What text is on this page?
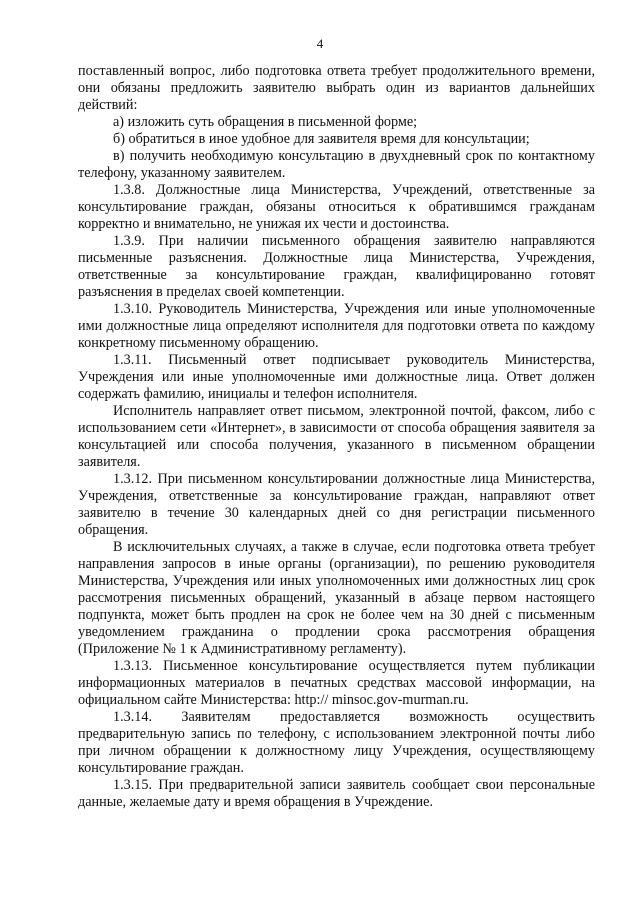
4

поставленный вопрос, либо подготовка ответа требует продолжительного времени, они обязаны предложить заявителю выбрать один из вариантов дальнейших действий:

а) изложить суть обращения в письменной форме;

б) обратиться в иное удобное для заявителя время для консультации;

в) получить необходимую консультацию в двухдневный срок по контактному телефону, указанному заявителем.

1.3.8. Должностные лица Министерства, Учреждений, ответственные за консультирование граждан, обязаны относиться к обратившимся гражданам корректно и внимательно, не унижая их чести и достоинства.

1.3.9. При наличии письменного обращения заявителю направляются письменные разъяснения. Должностные лица Министерства, Учреждения, ответственные за консультирование граждан, квалифицированно готовят разъяснения в пределах своей компетенции.

1.3.10. Руководитель Министерства, Учреждения или иные уполномоченные ими должностные лица определяют исполнителя для подготовки ответа по каждому конкретному письменному обращению.

1.3.11. Письменный ответ подписывает руководитель Министерства, Учреждения или иные уполномоченные ими должностные лица. Ответ должен содержать фамилию, инициалы и телефон исполнителя.

Исполнитель направляет ответ письмом, электронной почтой, факсом, либо с использованием сети «Интернет», в зависимости от способа обращения заявителя за консультацией или способа получения, указанного в письменном обращении заявителя.

1.3.12. При письменном консультировании должностные лица Министерства, Учреждения, ответственные за консультирование граждан, направляют ответ заявителю в течение 30 календарных дней со дня регистрации письменного обращения.

В исключительных случаях, а также в случае, если подготовка ответа требует направления запросов в иные органы (организации), по решению руководителя Министерства, Учреждения или иных уполномоченных ими должностных лиц срок рассмотрения письменных обращений, указанный в абзаце первом настоящего подпункта, может быть продлен на срок не более чем на 30 дней с письменным уведомлением гражданина о продлении срока рассмотрения обращения (Приложение № 1 к Административному регламенту).

1.3.13. Письменное консультирование осуществляется путем публикации информационных материалов в печатных средствах массовой информации, на официальном сайте Министерства: http:// minsoc.gov-murman.ru.

1.3.14. Заявителям предоставляется возможность осуществить предварительную запись по телефону, с использованием электронной почты либо при личном обращении к должностному лицу Учреждения, осуществляющему консультирование граждан.

1.3.15. При предварительной записи заявитель сообщает свои персональные данные, желаемые дату и время обращения в Учреждение.
